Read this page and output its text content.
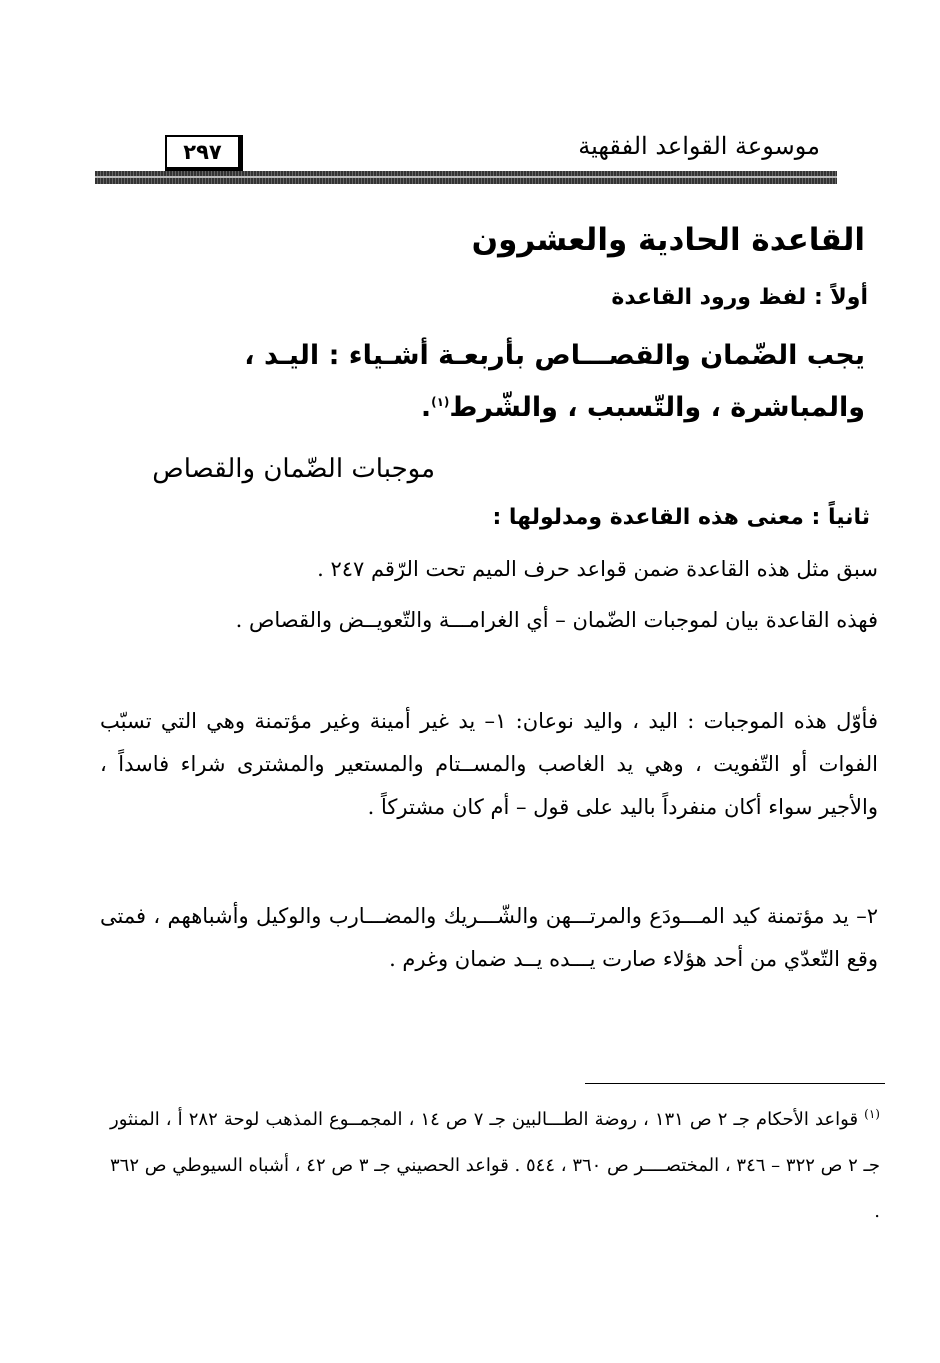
٢٩٧	موسوعة القواعد الفقهية
القاعدة الحادية والعشرون
أولاً : لفظ ورود القاعدة
يجب الضّمان والقصـــاص بأربعـة أشـياء : اليـد ،
والمباشرة ، والتّسبب ، والشّرط$^{(١)}$.
موجبات الضّمان والقصاص
ثانياً : معنى هذه القاعدة ومدلولها :
سبق مثل هذه القاعدة ضمن قواعد حرف الميم تحت الرّقم ٢٤٧ .
فهذه القاعدة بيان لموجبات الضّمان – أي الغرامـــة والتّعويــض والقصاص .
فأوّل هذه الموجبات : اليد ، واليد نوعان: ١– يد غير أمينة وغير مؤتمنة وهي التي تسبّب الفوات أو التّفويت ، وهي يد الغاصب والمســتام والمستعير والمشترى شراء فاسداً ، والأجير سواء أكان منفرداً باليد على قول – أم كان مشتركاً .
٢– يد مؤتمنة كيد المـــودَع والمرتـــهن والشّـــريك والمضـــارب والوكيل وأشباههم ، فمتى وقع التّعدّي من أحد هؤلاء صارت يـــده يــد ضمان وغرم .
$^{(١)}$ قواعد الأحكام جـ ٢ ص ١٣١ ، روضة الطـــالبين جـ ٧ ص ١٤ ، المجمــوع المذهب لوحة ٢٨٢ أ ، المنثور جـ ٢ ص ٣٢٢ – ٣٤٦ ، المختصــــر ص ٣٦٠ ، ٥٤٤ . قواعد الحصيني جـ ٣ ص ٤٢ ، أشباه السيوطي ص ٣٦٢ .
